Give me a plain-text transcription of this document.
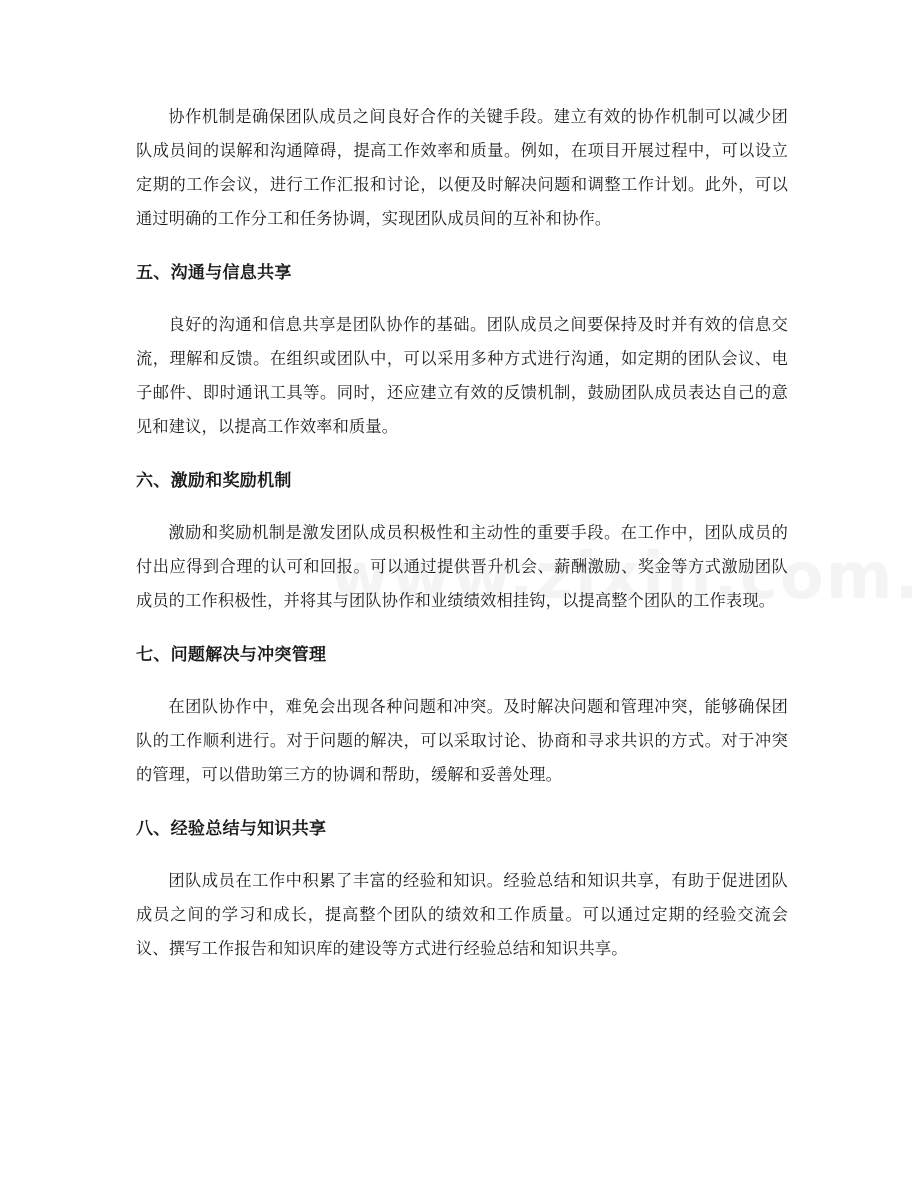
协作机制是确保团队成员之间良好合作的关键手段。建立有效的协作机制可以减少团队成员间的误解和沟通障碍，提高工作效率和质量。例如，在项目开展过程中，可以设立定期的工作会议，进行工作汇报和讨论，以便及时解决问题和调整工作计划。此外，可以通过明确的工作分工和任务协调，实现团队成员间的互补和协作。

五、沟通与信息共享

良好的沟通和信息共享是团队协作的基础。团队成员之间要保持及时并有效的信息交流，理解和反馈。在组织或团队中，可以采用多种方式进行沟通，如定期的团队会议、电子邮件、即时通讯工具等。同时，还应建立有效的反馈机制，鼓励团队成员表达自己的意见和建议，以提高工作效率和质量。

六、激励和奖励机制

激励和奖励机制是激发团队成员积极性和主动性的重要手段。在工作中，团队成员的付出应得到合理的认可和回报。可以通过提供晋升机会、薪酬激励、奖金等方式激励团队成员的工作积极性，并将其与团队协作和业绩绩效相挂钩，以提高整个团队的工作表现。

七、问题解决与冲突管理

在团队协作中，难免会出现各种问题和冲突。及时解决问题和管理冲突，能够确保团队的工作顺利进行。对于问题的解决，可以采取讨论、协商和寻求共识的方式。对于冲突的管理，可以借助第三方的协调和帮助，缓解和妥善处理。

八、经验总结与知识共享

团队成员在工作中积累了丰富的经验和知识。经验总结和知识共享，有助于促进团队成员之间的学习和成长，提高整个团队的绩效和工作质量。可以通过定期的经验交流会议、撰写工作报告和知识库的建设等方式进行经验总结和知识共享。
